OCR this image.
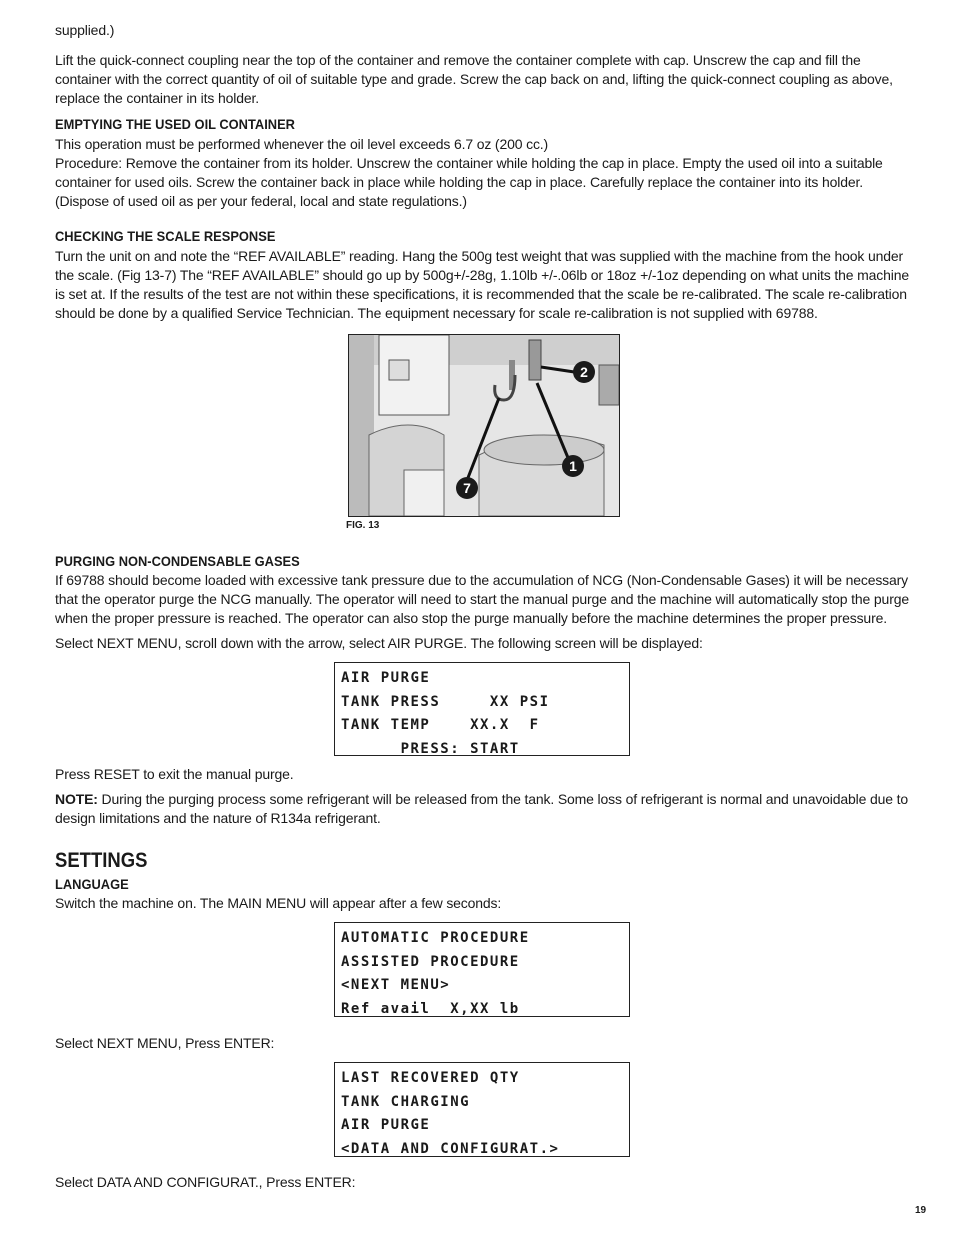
supplied.)

Lift the quick-connect coupling near the top of the container and remove the container complete with cap. Unscrew the cap and fill the container with the correct quantity of oil of suitable type and grade. Screw the cap back on and, lifting the quick-connect coupling as above, replace the container in its holder.

EMPTYING THE USED OIL CONTAINER

This operation must be performed whenever the oil level exceeds 6.7 oz (200 cc.)

Procedure: Remove the container from its holder. Unscrew the container while holding the cap in place. Empty the used oil into a suitable container for used oils. Screw the container back in place while holding the cap in place. Carefully replace the container into its holder. (Dispose of used oil as per your federal, local and state regulations.)

CHECKING THE SCALE RESPONSE

Turn the unit on and note the “REF AVAILABLE” reading. Hang the 500g test weight that was supplied with the machine from the hook under the scale. (Fig 13-7) The “REF AVAILABLE” should go up by 500g+/-28g, 1.10lb +/-.06lb or 18oz +/-1oz depending on what units the machine is set at. If the results of the test are not within these specifications, it is recommended that the scale be re-calibrated. The scale re-calibration should be done by a qualified Service Technician. The equipment necessary for scale re-calibration is not supplied with 69788.

2
1
7
FIG. 13
PURGING NON-CONDENSABLE GASES

If 69788 should become loaded with excessive tank pressure due to the accumulation of NCG (Non-Condensable Gases) it will be necessary that the operator purge the NCG manually. The operator will need to start the manual purge and the machine will automatically stop the purge when the proper pressure is reached. The operator can also stop the purge manually before the machine determines the proper pressure.

Select NEXT MENU, scroll down with the arrow, select AIR PURGE. The following screen will be displayed:

AIR PURGE
TANK PRESS     XX PSI
TANK TEMP    XX.X  F
PRESS: START

Press RESET to exit the manual purge.

NOTE: During the purging process some refrigerant will be released from the tank. Some loss of refrigerant is normal and unavoidable due to design limitations and the nature of R134a refrigerant.

SETTINGS
LANGUAGE

Switch the machine on. The MAIN MENU will appear after a few seconds:

AUTOMATIC PROCEDURE
ASSISTED PROCEDURE
<NEXT MENU>
Ref avail  X,XX lb

Select NEXT MENU, Press ENTER:

LAST RECOVERED QTY
TANK CHARGING
AIR PURGE
<DATA AND CONFIGURAT.>

Select DATA AND CONFIGURAT., Press ENTER:

19
